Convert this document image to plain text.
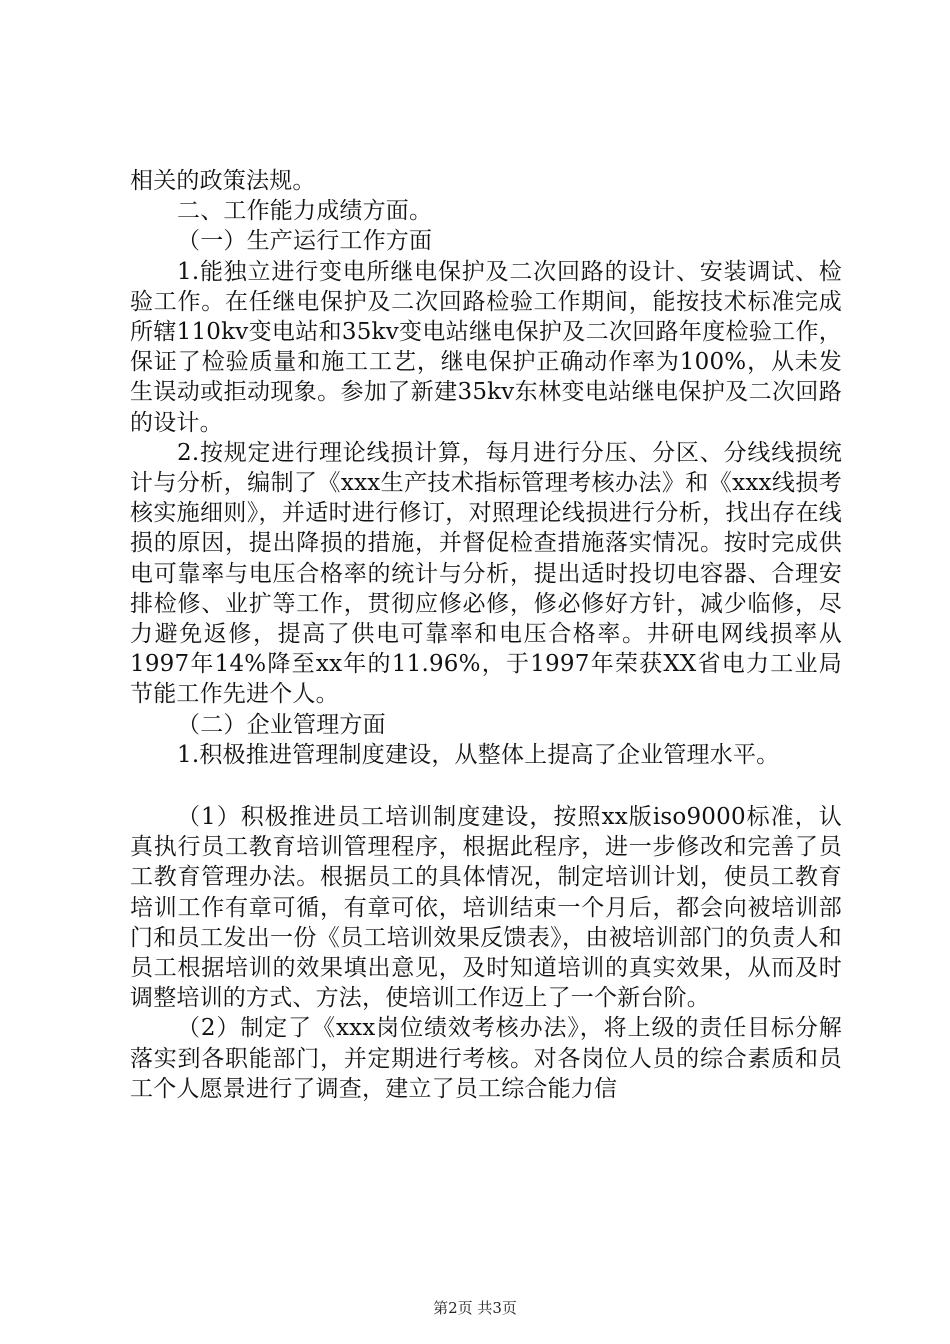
相关的政策法规。

二、工作能力成绩方面。

（一）生产运行工作方面

1.能独立进行变电所继电保护及二次回路的设计、安装调试、检验工作。在任继电保护及二次回路检验工作期间，能按技术标准完成所辖110kv变电站和35kv变电站继电保护及二次回路年度检验工作，保证了检验质量和施工工艺，继电保护正确动作率为100%，从未发生误动或拒动现象。参加了新建35kv东林变电站继电保护及二次回路的设计。

2.按规定进行理论线损计算，每月进行分压、分区、分线线损统计与分析，编制了《xxx生产技术指标管理考核办法》和《xxx线损考核实施细则》，并适时进行修订，对照理论线损进行分析，找出存在线损的原因，提出降损的措施，并督促检查措施落实情况。按时完成供电可靠率与电压合格率的统计与分析，提出适时投切电容器、合理安排检修、业扩等工作，贯彻应修必修，修必修好方针，减少临修，尽力避免返修，提高了供电可靠率和电压合格率。井研电网线损率从1997年14%降至xx年的11.96%，于1997年荣获XX省电力工业局节能工作先进个人。

（二）企业管理方面

1.积极推进管理制度建设，从整体上提高了企业管理水平。

（1）积极推进员工培训制度建设，按照xx版iso9000标准，认真执行员工教育培训管理程序，根据此程序，进一步修改和完善了员工教育管理办法。根据员工的具体情况，制定培训计划，使员工教育培训工作有章可循，有章可依，培训结束一个月后，都会向被培训部门和员工发出一份《员工培训效果反馈表》，由被培训部门的负责人和员工根据培训的效果填出意见，及时知道培训的真实效果，从而及时调整培训的方式、方法，使培训工作迈上了一个新台阶。

（2）制定了《xxx岗位绩效考核办法》，将上级的责任目标分解落实到各职能部门，并定期进行考核。对各岗位人员的综合素质和员工个人愿景进行了调查，建立了员工综合能力信

第2页 共3页
